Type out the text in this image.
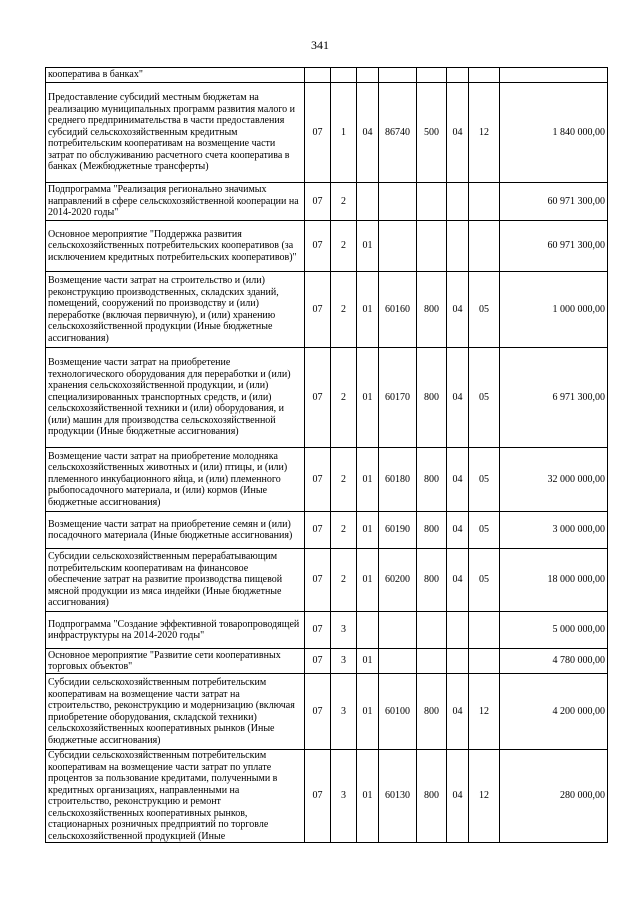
341
кооператива в банках"								
Предоставление субсидий местным бюджетам на реализацию муниципальных программ развития малого и среднего предпринимательства в части предоставления субсидий сельскохозяйственным кредитным потребительским кооперативам на возмещение части затрат по обслуживанию расчетного счета кооператива в банках (Межбюджетные трансферты)	07	1	04	86740	500	04	12	1 840 000,00
Подпрограмма "Реализация регионально значимых направлений в сфере сельскохозяйственной кооперации на 2014-2020 годы"	07	2						60 971 300,00
Основное мероприятие "Поддержка развития сельскохозяйственных потребительских кооперативов (за исключением кредитных потребительских кооперативов)"	07	2	01					60 971 300,00
Возмещение части затрат на строительство и (или) реконструкцию производственных, складских зданий, помещений, сооружений по производству и (или) переработке (включая первичную), и (или) хранению сельскохозяйственной продукции (Иные бюджетные ассигнования)	07	2	01	60160	800	04	05	1 000 000,00
Возмещение части затрат на приобретение технологического оборудования для переработки и (или) хранения сельскохозяйственной продукции, и (или) специализированных транспортных средств, и (или) сельскохозяйственной техники и (или) оборудования, и (или) машин для производства сельскохозяйственной продукции (Иные бюджетные ассигнования)	07	2	01	60170	800	04	05	6 971 300,00
Возмещение части затрат на приобретение молодняка сельскохозяйственных животных и (или) птицы, и (или) племенного инкубационного яйца, и (или) племенного рыбопосадочного материала, и (или) кормов (Иные бюджетные ассигнования)	07	2	01	60180	800	04	05	32 000 000,00
Возмещение части затрат на приобретение семян и (или) посадочного материала (Иные бюджетные ассигнования)	07	2	01	60190	800	04	05	3 000 000,00
Субсидии сельскохозяйственным перерабатывающим потребительским кооперативам на финансовое обеспечение затрат на развитие производства пищевой мясной продукции из мяса индейки (Иные бюджетные ассигнования)	07	2	01	60200	800	04	05	18 000 000,00
Подпрограмма "Создание эффективной товаропроводящей инфраструктуры на 2014-2020 годы"	07	3						5 000 000,00
Основное мероприятие "Развитие сети кооперативных торговых объектов"	07	3	01					4 780 000,00
Субсидии сельскохозяйственным потребительским кооперативам на возмещение части затрат на строительство, реконструкцию и модернизацию (включая приобретение оборудования, складской техники) сельскохозяйственных кооперативных рынков (Иные бюджетные ассигнования)	07	3	01	60100	800	04	12	4 200 000,00
Субсидии сельскохозяйственным потребительским кооперативам на возмещение части затрат по уплате процентов за пользование кредитами, полученными в кредитных организациях, направленными на строительство, реконструкцию и ремонт сельскохозяйственных кооперативных рынков, стационарных розничных предприятий по торговле сельскохозяйственной продукцией (Иные	07	3	01	60130	800	04	12	280 000,00
